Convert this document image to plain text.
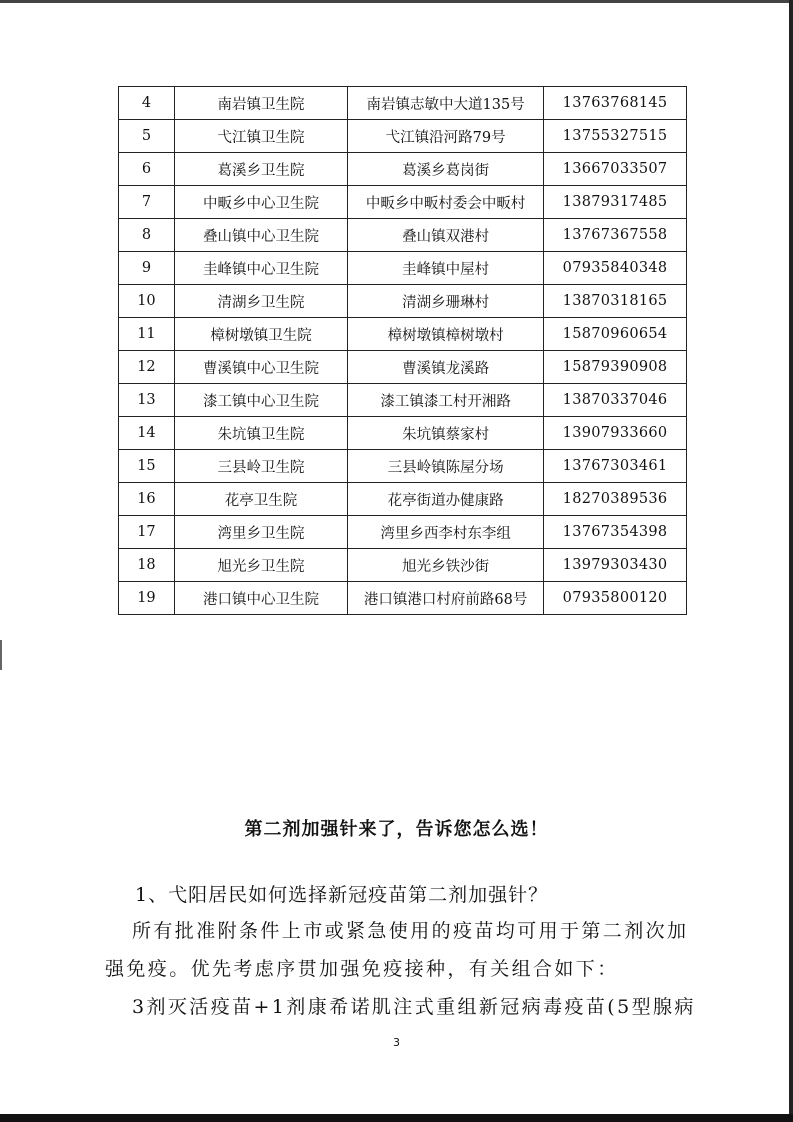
4	南岩镇卫生院	南岩镇志敏中大道135号	13763768145
5	弋江镇卫生院	弋江镇沿河路79号	13755327515
6	葛溪乡卫生院	葛溪乡葛岗街	13667033507
7	中畈乡中心卫生院	中畈乡中畈村委会中畈村	13879317485
8	叠山镇中心卫生院	叠山镇双港村	13767367558
9	圭峰镇中心卫生院	圭峰镇中屋村	07935840348
10	清湖乡卫生院	清湖乡珊琳村	13870318165
11	樟树墩镇卫生院	樟树墩镇樟树墩村	15870960654
12	曹溪镇中心卫生院	曹溪镇龙溪路	15879390908
13	漆工镇中心卫生院	漆工镇漆工村开湘路	13870337046
14	朱坑镇卫生院	朱坑镇蔡家村	13907933660
15	三县岭卫生院	三县岭镇陈屋分场	13767303461
16	花亭卫生院	花亭街道办健康路	18270389536
17	湾里乡卫生院	湾里乡西李村东李组	13767354398
18	旭光乡卫生院	旭光乡铁沙街	13979303430
19	港口镇中心卫生院	港口镇港口村府前路68号	07935800120
第二剂加强针来了，告诉您怎么选！
1、弋阳居民如何选择新冠疫苗第二剂加强针？
所有批准附条件上市或紧急使用的疫苗均可用于第二剂次加
强免疫。优先考虑序贯加强免疫接种，有关组合如下：
3剂灭活疫苗+1剂康希诺肌注式重组新冠病毒疫苗(5型腺病
3
